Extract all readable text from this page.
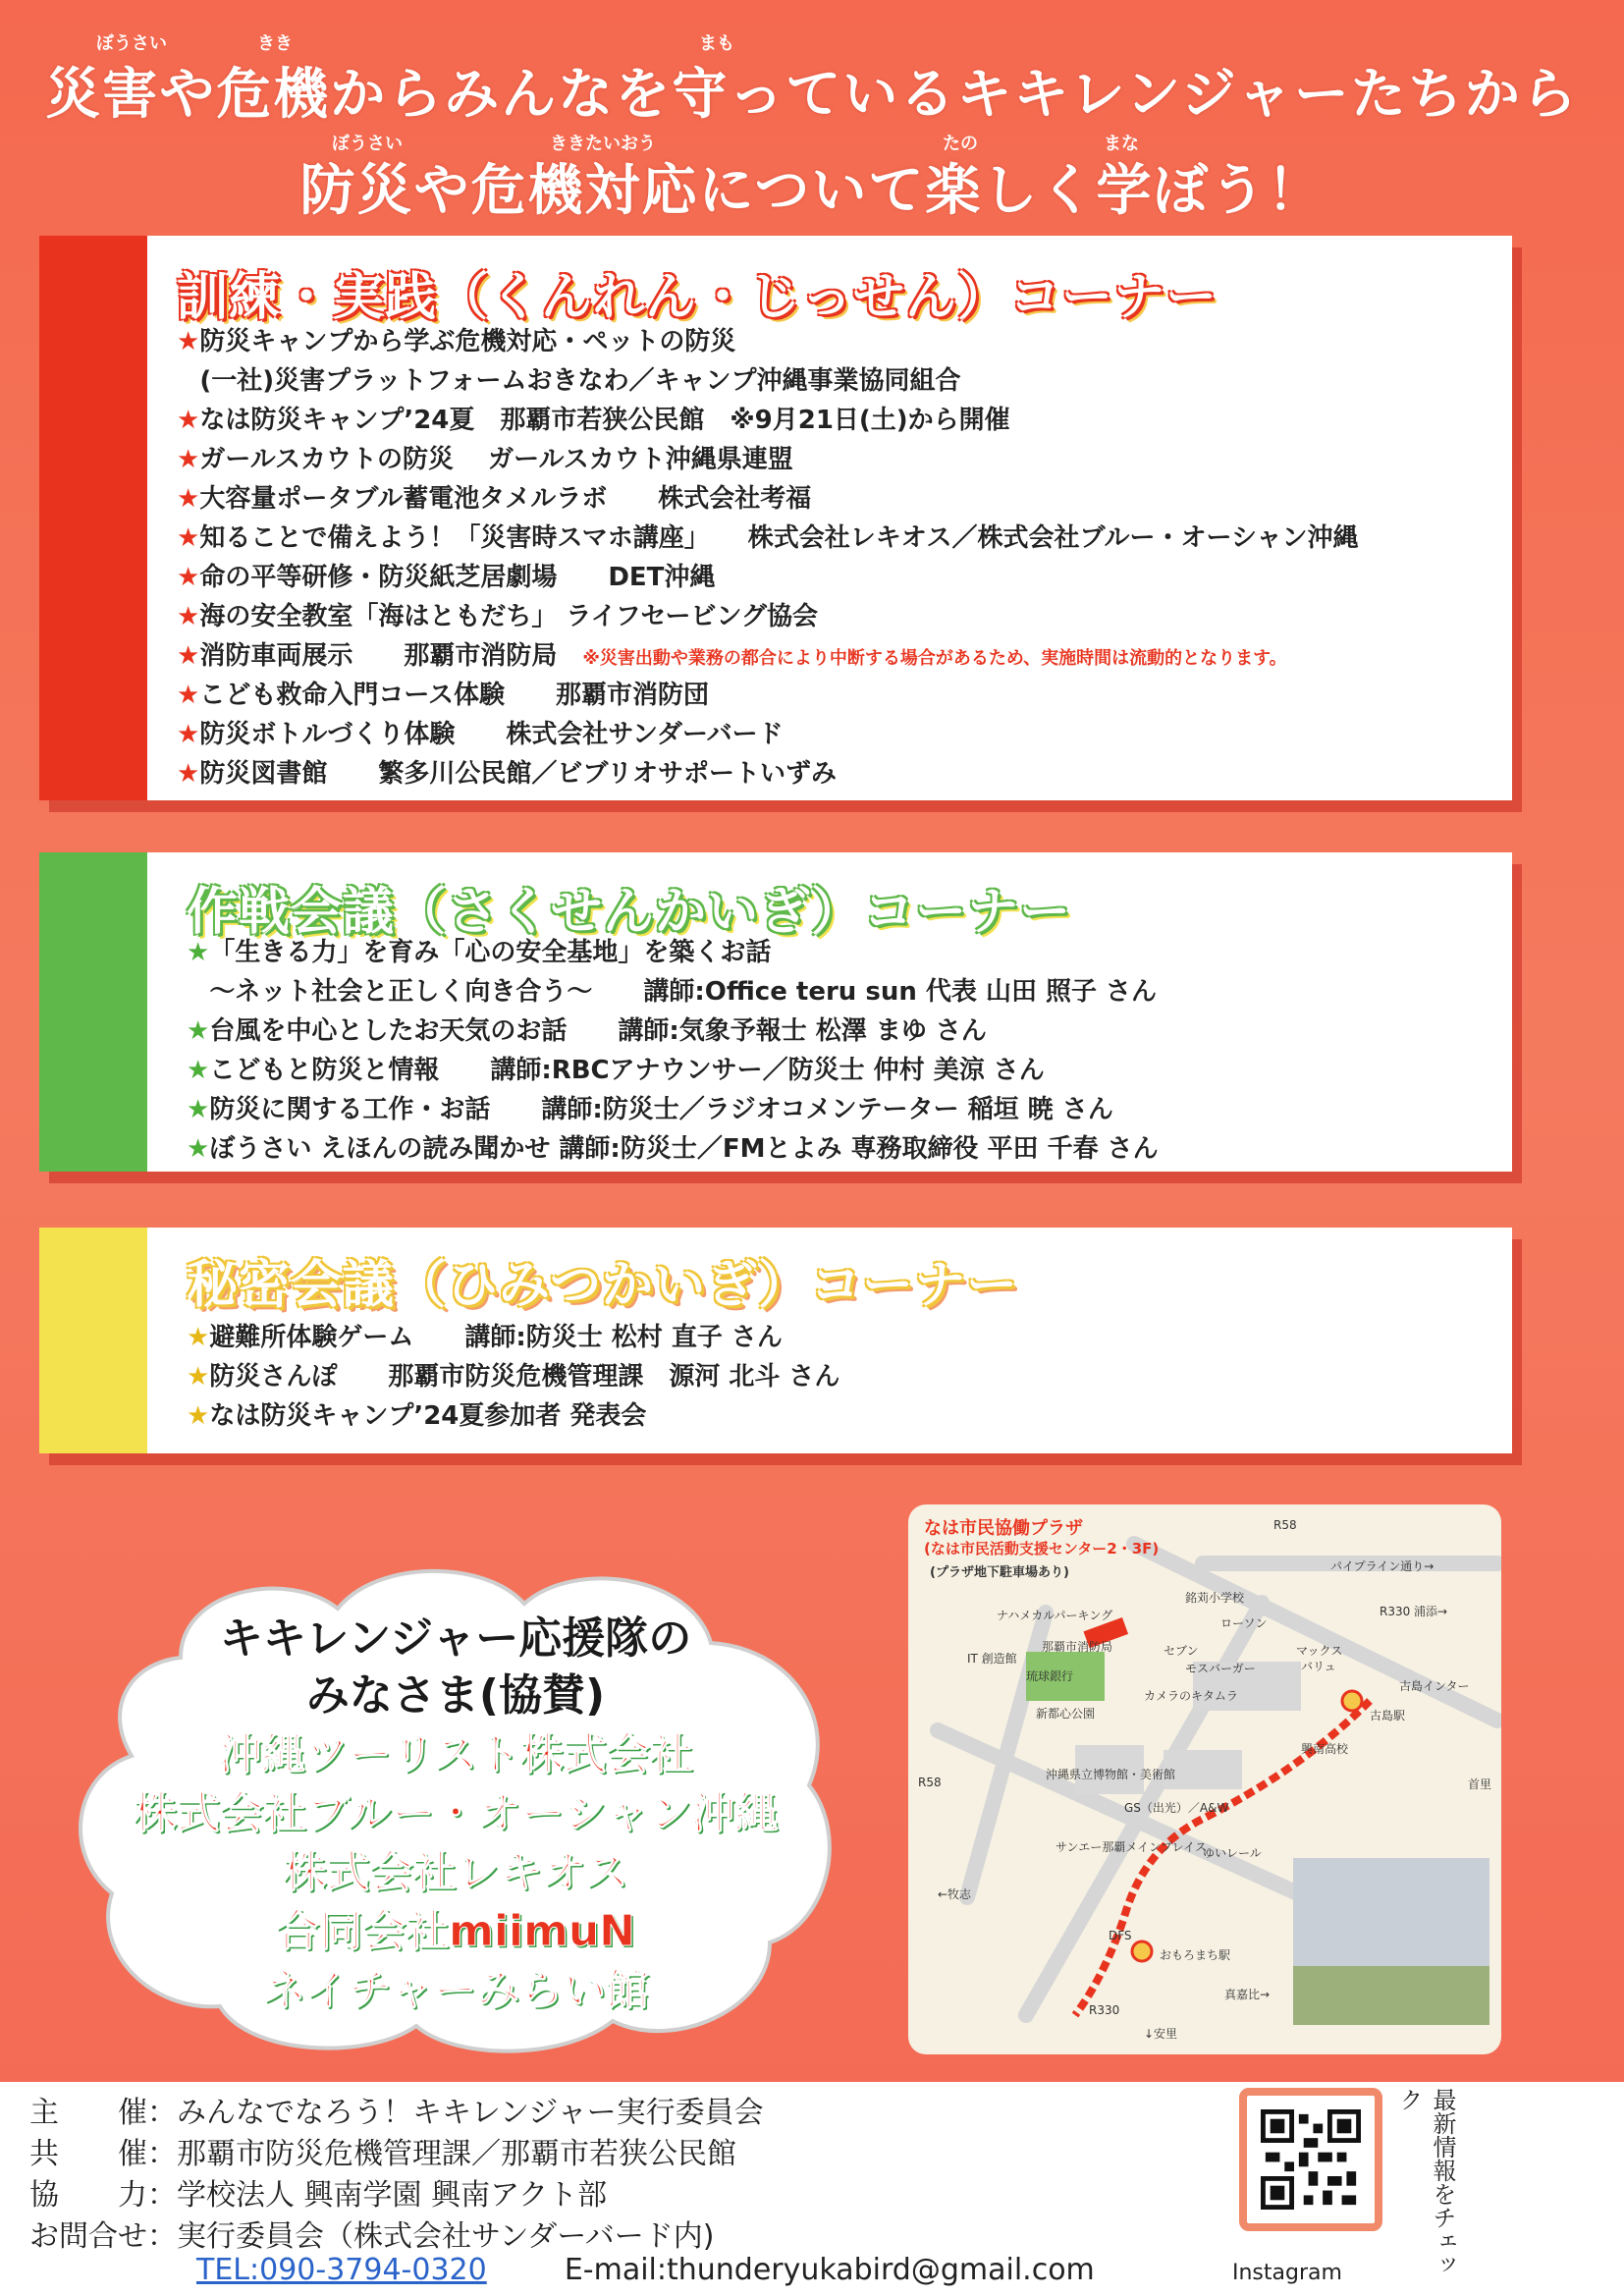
ぼうさい	きき	まも
災害や危機からみんなを守っているキキレンジャーたちから
ぼうさい	ききたいおう	たの	まな
防災や危機対応について楽しく学ぼう！
訓練・実践（くんれん・じっせん）コーナー
★防災キャンプから学ぶ危機対応・ペットの防災
(一社)災害プラットフォームおきなわ／キャンプ沖縄事業協同組合
★なは防災キャンプ’24夏　那覇市若狭公民館　※9月21日(土)から開催
★ガールスカウトの防災　 ガールスカウト沖縄県連盟
★大容量ポータブル蓄電池タメルラボ　　株式会社考福
★知ることで備えよう！「災害時スマホ講座」　　株式会社レキオス／株式会社ブルー・オーシャン沖縄
★命の平等研修・防災紙芝居劇場　　DET沖縄
★海の安全教室「海はともだち」 ライフセービング協会
★消防車両展示　　那覇市消防局　 ※災害出動や業務の都合により中断する場合があるため、実施時間は流動的となります。
★こども救命入門コース体験　　那覇市消防団
★防災ボトルづくり体験　　株式会社サンダーバード
★防災図書館　　繁多川公民館／ビブリオサポートいずみ
作戦会議（さくせんかいぎ）コーナー
★「生きる力」を育み「心の安全基地」を築くお話
〜ネット社会と正しく向き合う〜　　講師:Office teru sun 代表 山田 照子 さん
★台風を中心としたお天気のお話　　講師:気象予報士 松澤 まゆ さん
★こどもと防災と情報　　講師:RBCアナウンサー／防災士 仲村 美涼 さん
★防災に関する工作・お話　　講師:防災士／ラジオコメンテーター 稲垣 暁 さん
★ぼうさい えほんの読み聞かせ 講師:防災士／FMとよみ 専務取締役 平田 千春 さん
秘密会議（ひみつかいぎ）コーナー
★避難所体験ゲーム　　講師:防災士 松村 直子 さん
★防災さんぽ　　那覇市防災危機管理課　源河 北斗 さん
★なは防災キャンプ’24夏参加者 発表会
キキレンジャー応援隊の
みなさま(協賛)
沖縄ツーリスト株式会社
株式会社ブルー・オーシャン沖縄
株式会社レキオス
合同会社miimuN
ネイチャーみらい館
なは市民協働プラザ
(なは市民活動支援センター2・3F)
(プラザ地下駐車場あり)
R58
パイプライン通り→
銘苅小学校
ナハメカルパーキング
ローソン
R330 浦添→
IT 創造館
那覇市消防局	セブン	マックス
モスバーガー	バリュ
古島インター
琉球銀行
カメラのキタムラ
古島駅
新都心公園
興南高校
沖縄県立博物館・美術館
GS（出光）／A&W
首里
R58
サンエー那覇メインプレイス
ゆいレール
←牧志
DFS
おもろまち駅
真嘉比→
R330
↓安里
主　　催：みんなでなろう！キキレンジャー実行委員会
共　　催：那覇市防災危機管理課／那覇市若狭公民館
協　　力：学校法人 興南学園 興南アクト部
お問合せ：実行委員会（株式会社サンダーバード内)
TEL:090-3794-0320	E-mail:thunderyukabird@gmail.com	Instagram	最新情報をチェック
